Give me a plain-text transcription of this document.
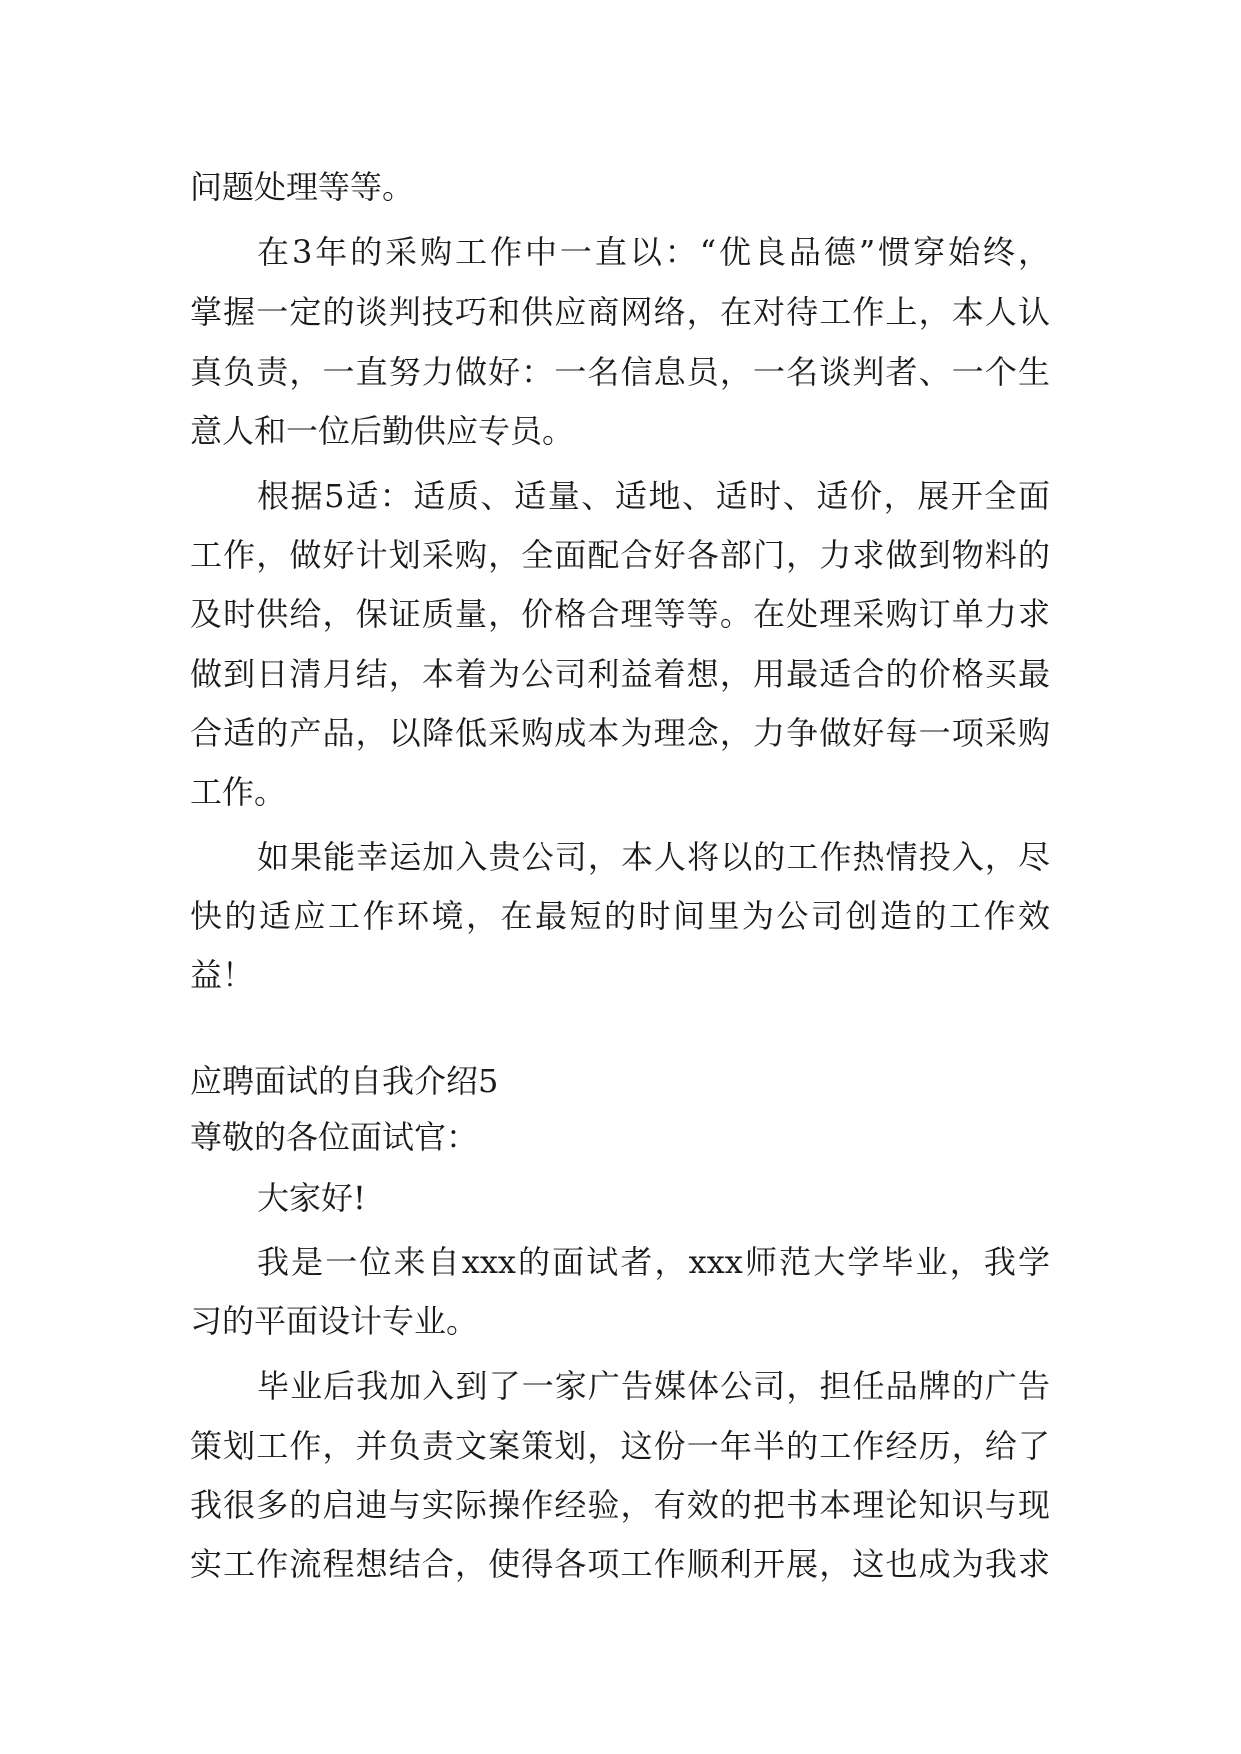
问题处理等等。
在3年的采购工作中一直以：“优良品德”惯穿始终，
掌握一定的谈判技巧和供应商网络，在对待工作上，本人认
真负责，一直努力做好：一名信息员，一名谈判者、一个生
意人和一位后勤供应专员。
根据5适：适质、适量、适地、适时、适价，展开全面
工作，做好计划采购，全面配合好各部门，力求做到物料的
及时供给，保证质量，价格合理等等。在处理采购订单力求
做到日清月结，本着为公司利益着想，用最适合的价格买最
合适的产品，以降低采购成本为理念，力争做好每一项采购
工作。
如果能幸运加入贵公司，本人将以的工作热情投入，尽
快的适应工作环境，在最短的时间里为公司创造的工作效
益！
应聘面试的自我介绍5
尊敬的各位面试官：
大家好!
我是一位来自xxx的面试者，xxx师范大学毕业，我学
习的平面设计专业。
毕业后我加入到了一家广告媒体公司，担任品牌的广告
策划工作，并负责文案策划，这份一年半的工作经历，给了
我很多的启迪与实际操作经验，有效的把书本理论知识与现
实工作流程想结合，使得各项工作顺利开展，这也成为我求
